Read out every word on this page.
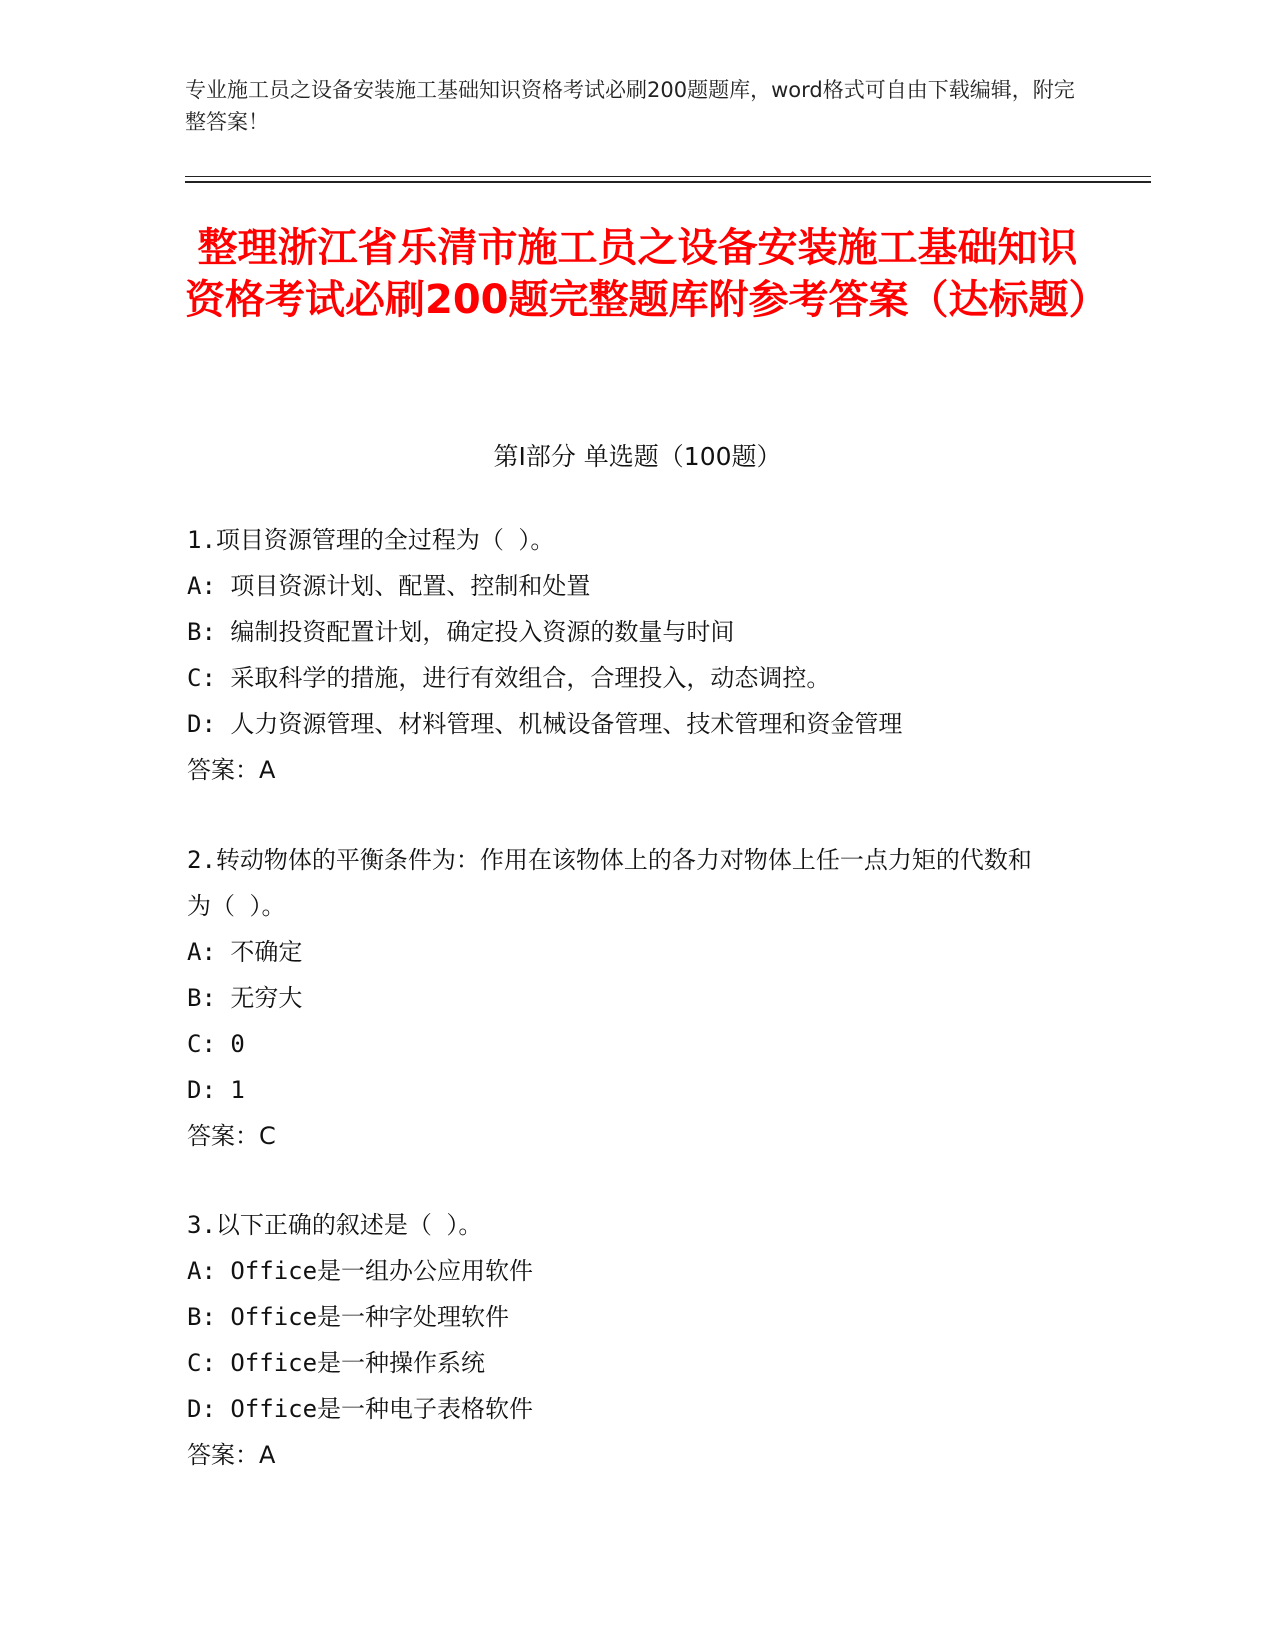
专业施工员之设备安装施工基础知识资格考试必刷200题题库，word格式可自由下载编辑，附完整答案！
整理浙江省乐清市施工员之设备安装施工基础知识资格考试必刷200题完整题库附参考答案（达标题）
第Ⅰ部分 单选题（100题）
1.项目资源管理的全过程为（ ）。
A: 项目资源计划、配置、控制和处置
B: 编制投资配置计划，确定投入资源的数量与时间
C: 采取科学的措施，进行有效组合，合理投入，动态调控。
D: 人力资源管理、材料管理、机械设备管理、技术管理和资金管理
答案：A
2.转动物体的平衡条件为：作用在该物体上的各力对物体上任一点力矩的代数和为（ ）。
A: 不确定
B: 无穷大
C: 0
D: 1
答案：C
3.以下正确的叙述是（ ）。
A: Office是一组办公应用软件
B: Office是一种字处理软件
C: Office是一种操作系统
D: Office是一种电子表格软件
答案：A
